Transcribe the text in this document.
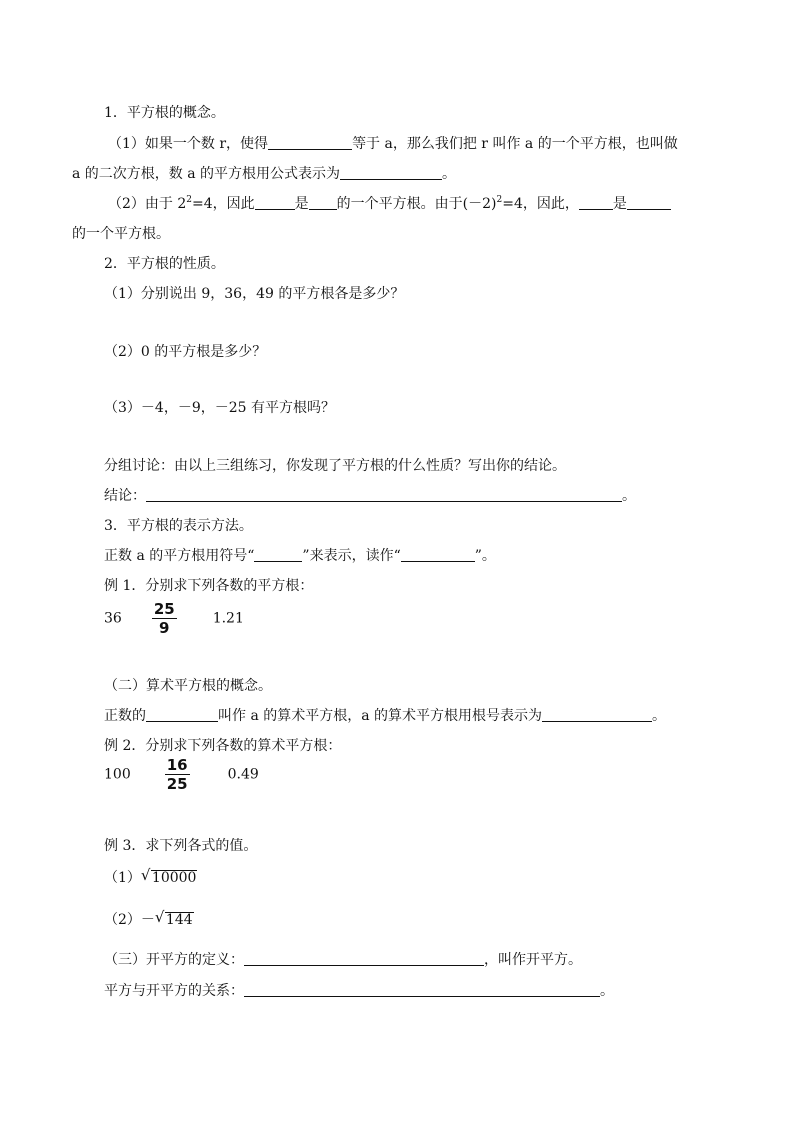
1．平方根的概念。
（1）如果一个数 r，使得	等于 a，那么我们把 r 叫作 a 的一个平方根，也叫做
a 的二次方根，数 a 的平方根用公式表示为	。
（2）由于 $2^2=4$，因此	是 的一个平方根。由于$(-2)^2=4$，因此， 是
的一个平方根。
2．平方根的性质。
（1）分别说出 9，36，49 的平方根各是多少？
（2）0 的平方根是多少？
（3）－4，－9，－25 有平方根吗？
分组讨论：由以上三组练习，你发现了平方根的什么性质？写出你的结论。
结论：	。
3．平方根的表示方法。
正数 a 的平方根用符号“	”来表示，读作“	”。
例 1．分别求下列各数的平方根：
$36 \frac{25}{9}$	1.21
（二）算术平方根的概念。
正数的	叫作 a 的算术平方根，a 的算术平方根用根号表示为	。
例 2．分别求下列各数的算术平方根：
$100 \frac{16}{25}$	0.49
例 3．求下列各式的值。
（1） √ 10000
（2）－ √ 144
（三）开平方的定义：	，叫作开平方。
平方与开平方的关系：	。
